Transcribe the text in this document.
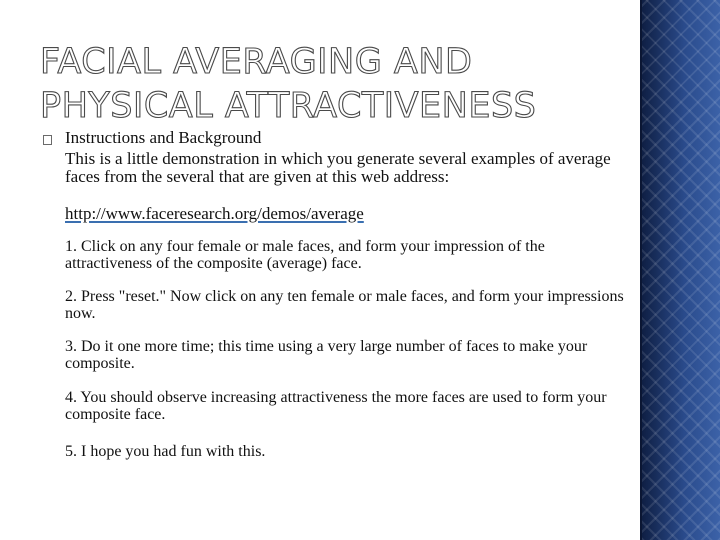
FACIAL AVERAGING AND PHYSICAL ATTRACTIVENESS

Instructions and Background

This is a little demonstration in which you generate several examples of average faces from the several that are given at this web address:

http://www.faceresearch.org/demos/average

1. Click on any four female or male faces, and form your impression of the attractiveness of the composite (average) face.

2. Press "reset." Now click on any ten female or male faces, and form your impressions now.

3. Do it one more time; this time using a very large number of faces to make your composite.

4. You should observe increasing attractiveness the more faces are used to form your composite face.

5. I hope you had fun with this.
